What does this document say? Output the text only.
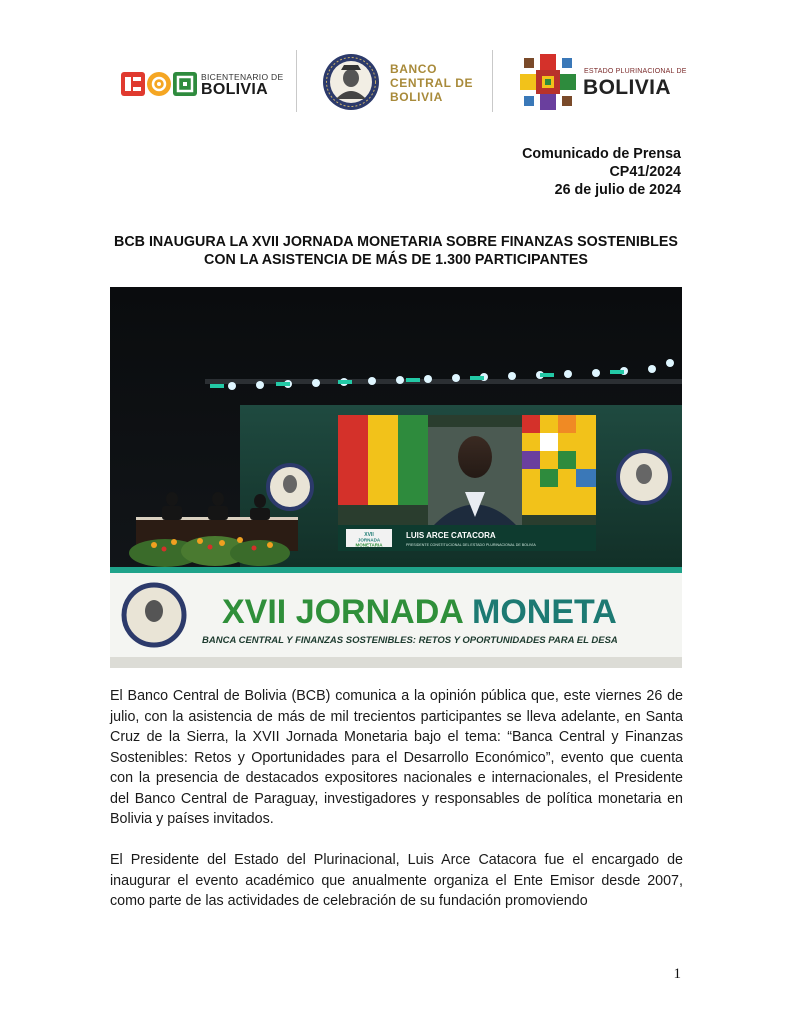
BICENTENARIO DE
BOLIVIA
BANCO
CENTRAL DE
BOLIVIA
ESTADO PLURINACIONAL DE
BOLIVIA
Comunicado de Prensa
CP41/2024
26 de julio de 2024
BCB INAUGURA LA XVII JORNADA MONETARIA SOBRE FINANZAS SOSTENIBLES CON LA ASISTENCIA DE MÁS DE 1.300 PARTICIPANTES
XVII
JORNADA
MONETARIA
LUIS ARCE CATACORA
PRESIDENTE CONSTITUCIONAL DEL ESTADO PLURINACIONAL DE BOLIVIA
XVII JORNADA MONETA
BANCA CENTRAL Y FINANZAS SOSTENIBLES: RETOS Y OPORTUNIDADES PARA EL DESA

El Banco Central de Bolivia (BCB) comunica a la opinión pública que, este viernes 26 de julio, con la asistencia de más de mil trecientos participantes se lleva adelante, en Santa Cruz de la Sierra, la XVII Jornada Monetaria bajo el tema: “Banca Central y Finanzas Sostenibles: Retos y Oportunidades para el Desarrollo Económico”, evento que cuenta con la presencia de destacados expositores nacionales e internacionales, el Presidente del Banco Central de Paraguay, investigadores y responsables de política monetaria en Bolivia y países invitados.

El Presidente del Estado del Plurinacional, Luis Arce Catacora fue el encargado de inaugurar el evento académico que anualmente organiza el Ente Emisor desde 2007, como parte de las actividades de celebración de su fundación promoviendo

1
